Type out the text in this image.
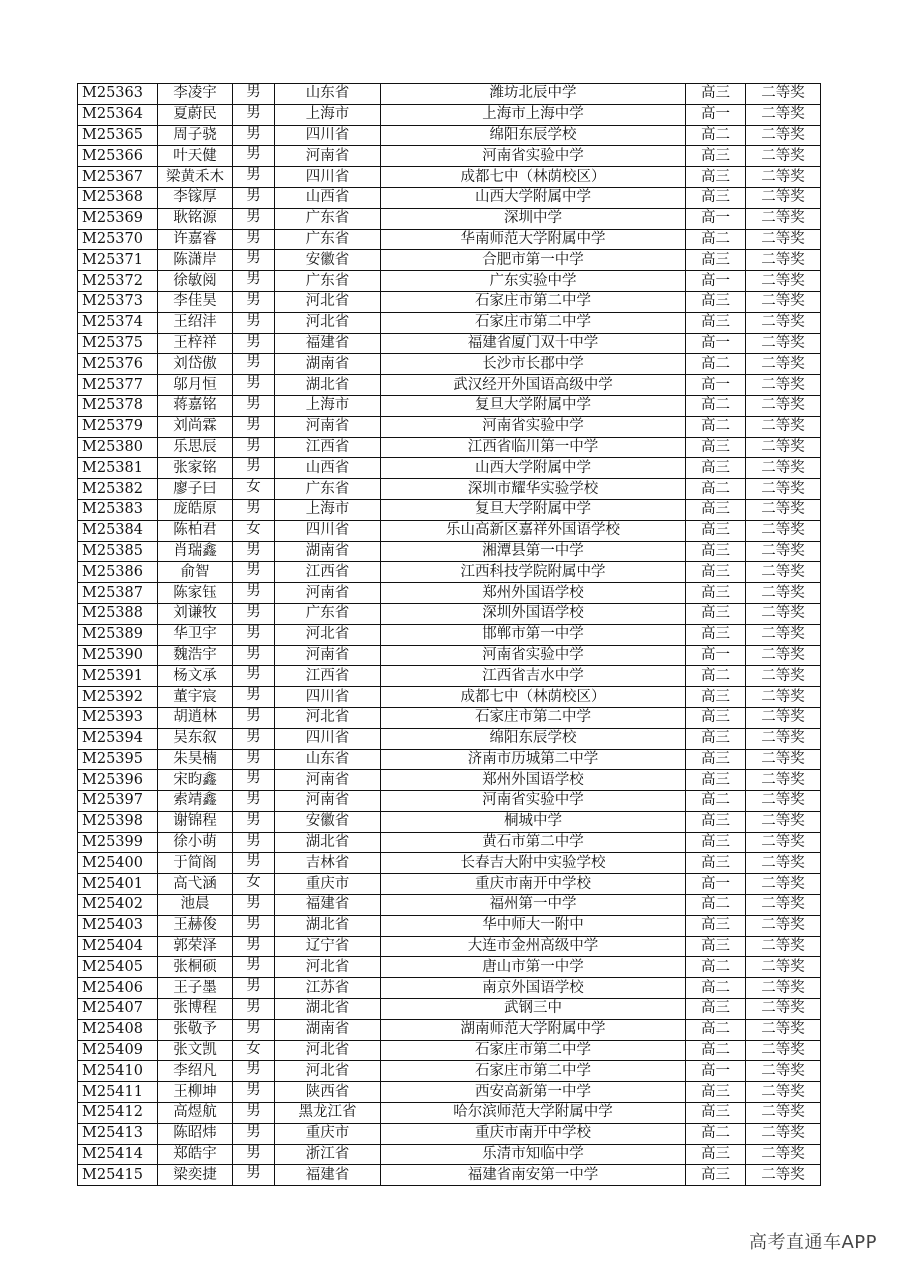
M25363	李凌宇	男	山东省	潍坊北辰中学	高三	二等奖
M25364	夏蔚民	男	上海市	上海市上海中学	高一	二等奖
M25365	周子骁	男	四川省	绵阳东辰学校	高二	二等奖
M25366	叶天健	男	河南省	河南省实验中学	高三	二等奖
M25367	梁黄禾木	男	四川省	成都七中（林荫校区）	高三	二等奖
M25368	李镓厚	男	山西省	山西大学附属中学	高三	二等奖
M25369	耿铭源	男	广东省	深圳中学	高一	二等奖
M25370	许嘉睿	男	广东省	华南师范大学附属中学	高二	二等奖
M25371	陈潇岸	男	安徽省	合肥市第一中学	高三	二等奖
M25372	徐敏阅	男	广东省	广东实验中学	高一	二等奖
M25373	李佳昊	男	河北省	石家庄市第二中学	高三	二等奖
M25374	王绍沣	男	河北省	石家庄市第二中学	高三	二等奖
M25375	王梓祥	男	福建省	福建省厦门双十中学	高一	二等奖
M25376	刘岱傲	男	湖南省	长沙市长郡中学	高二	二等奖
M25377	邬月恒	男	湖北省	武汉经开外国语高级中学	高一	二等奖
M25378	蒋嘉铭	男	上海市	复旦大学附属中学	高二	二等奖
M25379	刘尚霖	男	河南省	河南省实验中学	高二	二等奖
M25380	乐思辰	男	江西省	江西省临川第一中学	高三	二等奖
M25381	张家铭	男	山西省	山西大学附属中学	高三	二等奖
M25382	廖子曰	女	广东省	深圳市耀华实验学校	高二	二等奖
M25383	庞皓原	男	上海市	复旦大学附属中学	高三	二等奖
M25384	陈柏君	女	四川省	乐山高新区嘉祥外国语学校	高三	二等奖
M25385	肖瑞鑫	男	湖南省	湘潭县第一中学	高三	二等奖
M25386	俞智	男	江西省	江西科技学院附属中学	高三	二等奖
M25387	陈家钰	男	河南省	郑州外国语学校	高三	二等奖
M25388	刘谦牧	男	广东省	深圳外国语学校	高三	二等奖
M25389	华卫宇	男	河北省	邯郸市第一中学	高三	二等奖
M25390	魏浩宇	男	河南省	河南省实验中学	高一	二等奖
M25391	杨文承	男	江西省	江西省吉水中学	高二	二等奖
M25392	董宇宸	男	四川省	成都七中（林荫校区）	高三	二等奖
M25393	胡逍林	男	河北省	石家庄市第二中学	高三	二等奖
M25394	吴东叙	男	四川省	绵阳东辰学校	高三	二等奖
M25395	朱昊楠	男	山东省	济南市历城第二中学	高三	二等奖
M25396	宋昀鑫	男	河南省	郑州外国语学校	高三	二等奖
M25397	索靖鑫	男	河南省	河南省实验中学	高二	二等奖
M25398	谢锦程	男	安徽省	桐城中学	高三	二等奖
M25399	徐小萌	男	湖北省	黄石市第二中学	高三	二等奖
M25400	于简阁	男	吉林省	长春吉大附中实验学校	高三	二等奖
M25401	高弋涵	女	重庆市	重庆市南开中学校	高一	二等奖
M25402	池晨	男	福建省	福州第一中学	高二	二等奖
M25403	王赫俊	男	湖北省	华中师大一附中	高三	二等奖
M25404	郭荣泽	男	辽宁省	大连市金州高级中学	高三	二等奖
M25405	张桐硕	男	河北省	唐山市第一中学	高二	二等奖
M25406	王子墨	男	江苏省	南京外国语学校	高二	二等奖
M25407	张博程	男	湖北省	武钢三中	高三	二等奖
M25408	张敬予	男	湖南省	湖南师范大学附属中学	高二	二等奖
M25409	张文凯	女	河北省	石家庄市第二中学	高二	二等奖
M25410	李绍凡	男	河北省	石家庄市第二中学	高一	二等奖
M25411	王柳坤	男	陕西省	西安高新第一中学	高三	二等奖
M25412	高煜航	男	黑龙江省	哈尔滨师范大学附属中学	高三	二等奖
M25413	陈昭炜	男	重庆市	重庆市南开中学校	高二	二等奖
M25414	郑皓宇	男	浙江省	乐清市知临中学	高三	二等奖
M25415	梁奕捷	男	福建省	福建省南安第一中学	高三	二等奖
高考直通车APP
